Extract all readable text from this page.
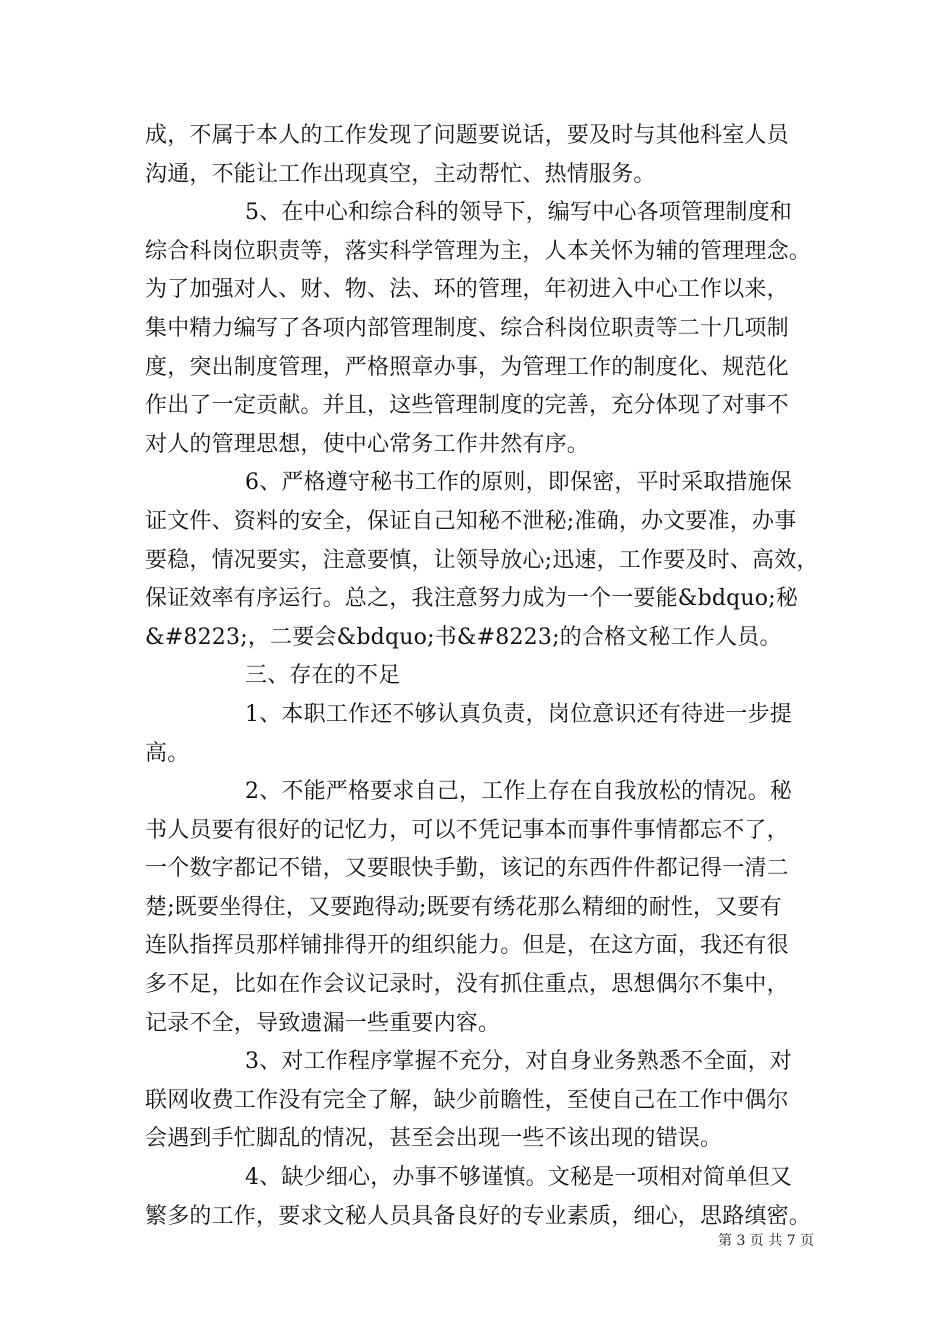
成，不属于本人的工作发现了问题要说话，要及时与其他科室人员
沟通，不能让工作出现真空，主动帮忙、热情服务。
5、在中心和综合科的领导下，编写中心各项管理制度和
综合科岗位职责等，落实科学管理为主，人本关怀为辅的管理理念。
为了加强对人、财、物、法、环的管理，年初进入中心工作以来，
集中精力编写了各项内部管理制度、综合科岗位职责等二十几项制
度，突出制度管理，严格照章办事，为管理工作的制度化、规范化
作出了一定贡献。并且，这些管理制度的完善，充分体现了对事不
对人的管理思想，使中心常务工作井然有序。
6、严格遵守秘书工作的原则，即保密，平时采取措施保
证文件、资料的安全，保证自己知秘不泄秘;准确，办文要准，办事
要稳，情况要实，注意要慎，让领导放心;迅速，工作要及时、高效，
保证效率有序运行。总之，我注意努力成为一个一要能&bdquo;秘
&#8223;，二要会&bdquo;书&#8223;的合格文秘工作人员。
三、存在的不足
1、本职工作还不够认真负责，岗位意识还有待进一步提
高。
2、不能严格要求自己，工作上存在自我放松的情况。秘
书人员要有很好的记忆力，可以不凭记事本而事件事情都忘不了，
一个数字都记不错，又要眼快手勤，该记的东西件件都记得一清二
楚;既要坐得住，又要跑得动;既要有绣花那么精细的耐性，又要有
连队指挥员那样铺排得开的组织能力。但是，在这方面，我还有很
多不足，比如在作会议记录时，没有抓住重点，思想偶尔不集中，
记录不全，导致遗漏一些重要内容。
3、对工作程序掌握不充分，对自身业务熟悉不全面，对
联网收费工作没有完全了解，缺少前瞻性，至使自己在工作中偶尔
会遇到手忙脚乱的情况，甚至会出现一些不该出现的错误。
4、缺少细心，办事不够谨慎。文秘是一项相对简单但又
繁多的工作，要求文秘人员具备良好的专业素质，细心，思路缜密。
第 3 页 共 7 页
